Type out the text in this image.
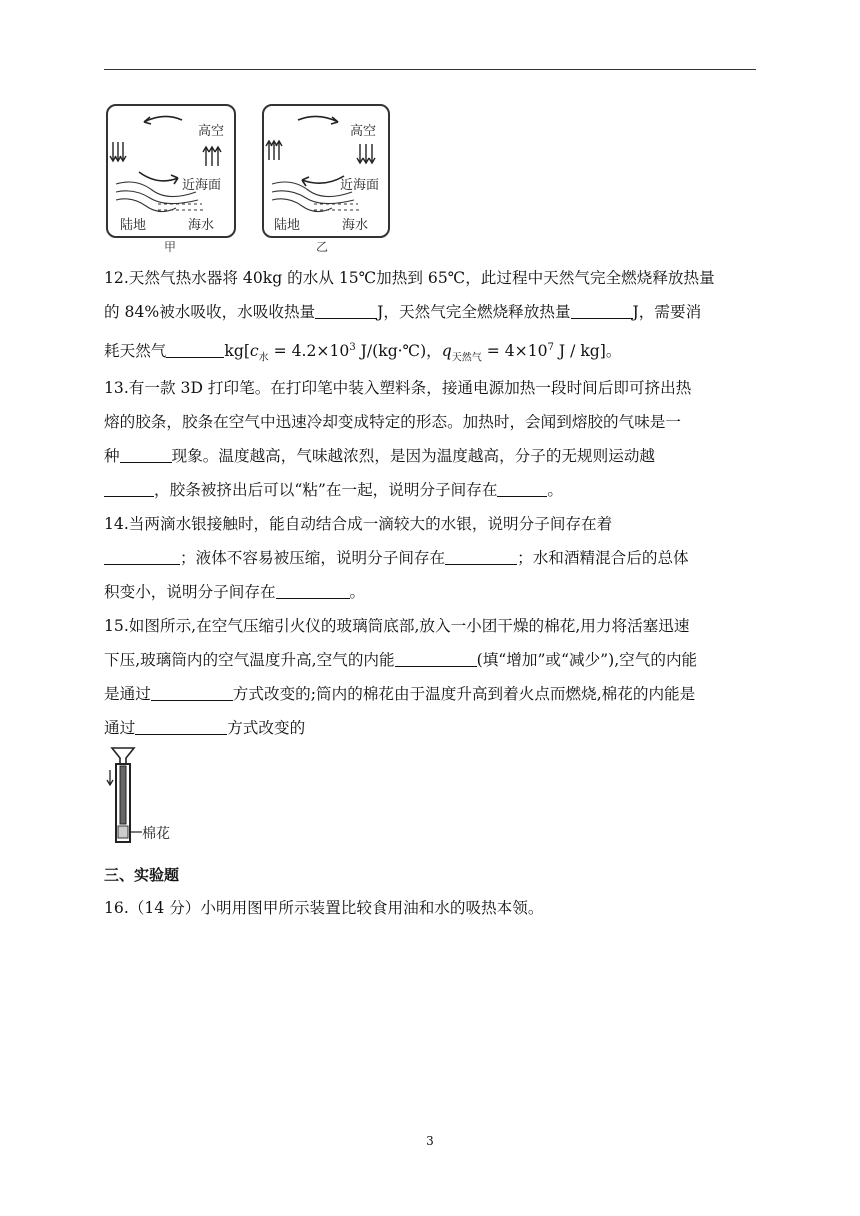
高空
近海面
陆地	海水
甲
高空
近海面
陆地	海水
乙
12.天然气热水器将 40kg 的水从 15℃加热到 65℃，此过程中天然气完全燃烧释放热量
的 84%被水吸收，水吸收热量	J，天然气完全燃烧释放热量	J，需要消
耗天然气	$kg[c_水 = 4.2\times 10^3$ J/(kg·℃)，$q_{天然气} = 4\times 10^7$ J / kg]。
13.有一款 3D 打印笔。在打印笔中装入塑料条，接通电源加热一段时间后即可挤出热
熔的胶条，胶条在空气中迅速冷却变成特定的形态。加热时，会闻到熔胶的气味是一
种	现象。温度越高，气味越浓烈，是因为温度越高，分子的无规则运动越
，胶条被挤出后可以“粘”在一起，说明分子间存在	。
14.当两滴水银接触时，能自动结合成一滴较大的水银，说明分子间存在着
；液体不容易被压缩，说明分子间存在	；水和酒精混合后的总体
积变小，说明分子间存在	。
15.如图所示,在空气压缩引火仪的玻璃筒底部,放入一小团干燥的棉花,用力将活塞迅速
下压,玻璃筒内的空气温度升高,空气的内能	(填“增加”或“减少”),空气的内能
是通过	方式改变的;筒内的棉花由于温度升高到着火点而燃烧,棉花的内能是
通过	方式改变的
棉花
三、实验题
16.（14 分）小明用图甲所示装置比较食用油和水的吸热本领。
3
